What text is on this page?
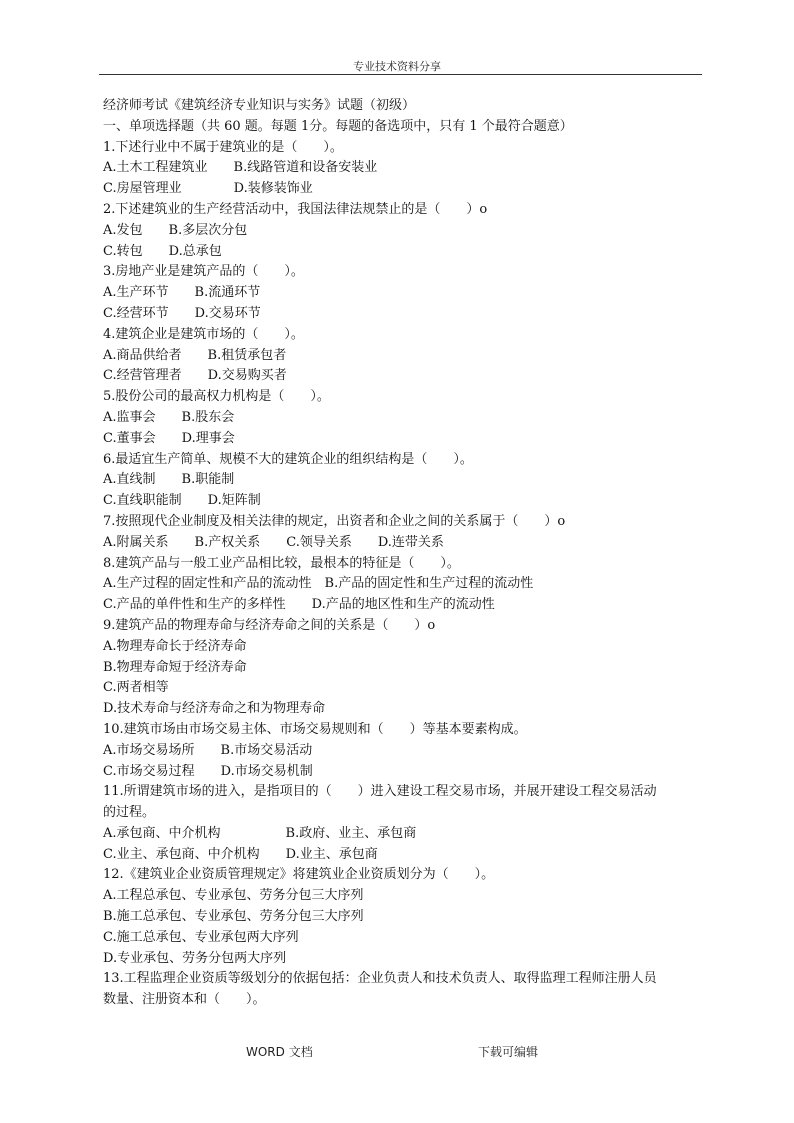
专业技术资料分享
经济师考试《建筑经济专业知识与实务》试题（初级）
一、单项选择题（共 60 题。每题 1分。每题的备选项中，只有 1 个最符合题意）
1.下述行业中不属于建筑业的是（　　）。
A.土木工程建筑业　　B.线路管道和设备安装业
C.房屋管理业　　　　D.装修装饰业
2.下述建筑业的生产经营活动中，我国法律法规禁止的是（　　）o
A.发包　　B.多层次分包
C.转包　　D.总承包
3.房地产业是建筑产品的（　　）。
A.生产环节　　B.流通环节
C.经营环节　　D.交易环节
4.建筑企业是建筑市场的（　　）。
A.商品供给者　　B.租赁承包者
C.经营管理者　　D.交易购买者
5.股份公司的最高权力机构是（　　）。
A.监事会　　B.股东会
C.董事会　　D.理事会
6.最适宜生产简单、规模不大的建筑企业的组织结构是（　　）。
A.直线制　　B.职能制
C.直线职能制　　D.矩阵制
7.按照现代企业制度及相关法律的规定，出资者和企业之间的关系属于（　　）o
A.附属关系　　B.产权关系　　C.领导关系　　D.连带关系
8.建筑产品与一般工业产品相比较，最根本的特征是（　　）。
A.生产过程的固定性和产品的流动性　B.产品的固定性和生产过程的流动性
C.产品的单件性和生产的多样性　　D.产品的地区性和生产的流动性
9.建筑产品的物理寿命与经济寿命之间的关系是（　　）o
A.物理寿命长于经济寿命
B.物理寿命短于经济寿命
C.两者相等
D.技术寿命与经济寿命之和为物理寿命
10.建筑市场由市场交易主体、市场交易规则和（　　）等基本要素构成。
A.市场交易场所　　B.市场交易活动
C.市场交易过程　　D.市场交易机制
11.所谓建筑市场的进入，是指项目的（　　）进入建设工程交易市场，并展开建设工程交易活动
的过程。
A.承包商、中介机构　　　　　B.政府、业主、承包商
C.业主、承包商、中介机构　　D.业主、承包商
12.《建筑业企业资质管理规定》将建筑业企业资质划分为（　　）。
A.工程总承包、专业承包、劳务分包三大序列
B.施工总承包、专业承包、劳务分包三大序列
C.施工总承包、专业承包两大序列
D.专业承包、劳务分包两大序列
13.工程监理企业资质等级划分的依据包括：企业负责人和技术负责人、取得监理工程师注册人员
数量、注册资本和（　　）。
WORD 文档	下载可编辑
